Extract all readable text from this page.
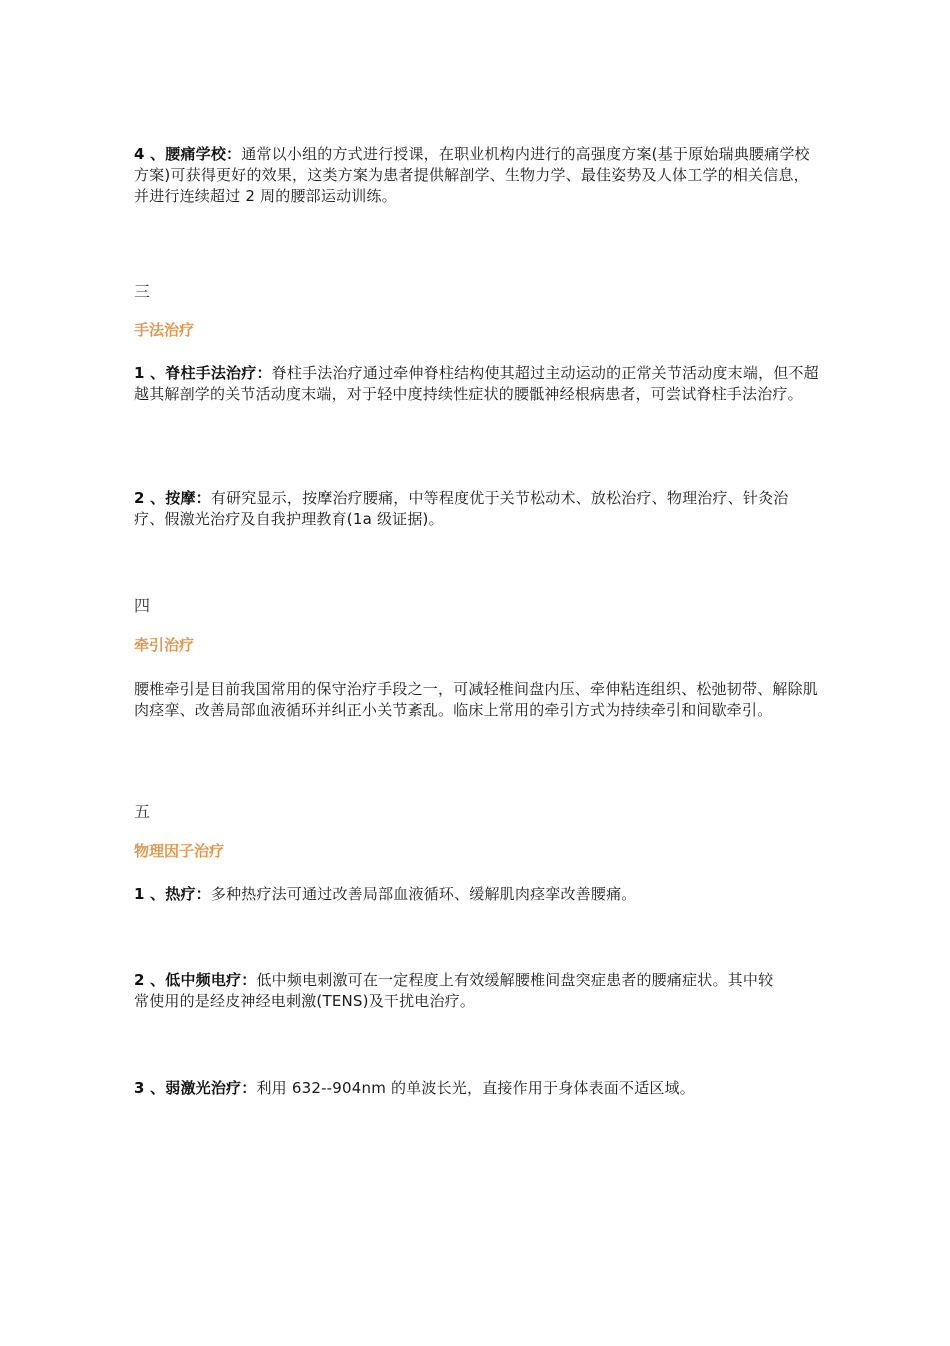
4 、腰痛学校：通常以小组的方式进行授课，在职业机构内进行的高强度方案(基于原始瑞典腰痛学校方案)可获得更好的效果，这类方案为患者提供解剖学、生物力学、最佳姿势及人体工学的相关信息，并进行连续超过 2 周的腰部运动训练。

三
手法治疗

1 、脊柱手法治疗：脊柱手法治疗通过牵伸脊柱结构使其超过主动运动的正常关节活动度末端，但不超越其解剖学的关节活动度末端，对于轻中度持续性症状的腰骶神经根病患者，可尝试脊柱手法治疗。

2 、按摩：有研究显示，按摩治疗腰痛，中等程度优于关节松动术、放松治疗、物理治疗、针灸治疗、假激光治疗及自我护理教育(1a 级证据)。

四
牵引治疗

腰椎牵引是目前我国常用的保守治疗手段之一，可减轻椎间盘内压、牵伸粘连组织、松弛韧带、解除肌肉痉挛、改善局部血液循环并纠正小关节紊乱。临床上常用的牵引方式为持续牵引和间歇牵引。

五
物理因子治疗

1 、热疗：多种热疗法可通过改善局部血液循环、缓解肌肉痉挛改善腰痛。

2 、低中频电疗：低中频电刺激可在一定程度上有效缓解腰椎间盘突症患者的腰痛症状。其中较常使用的是经皮神经电刺激(TENS)及干扰电治疗。

3 、弱激光治疗：利用 632--904nm 的单波长光，直接作用于身体表面不适区域。
